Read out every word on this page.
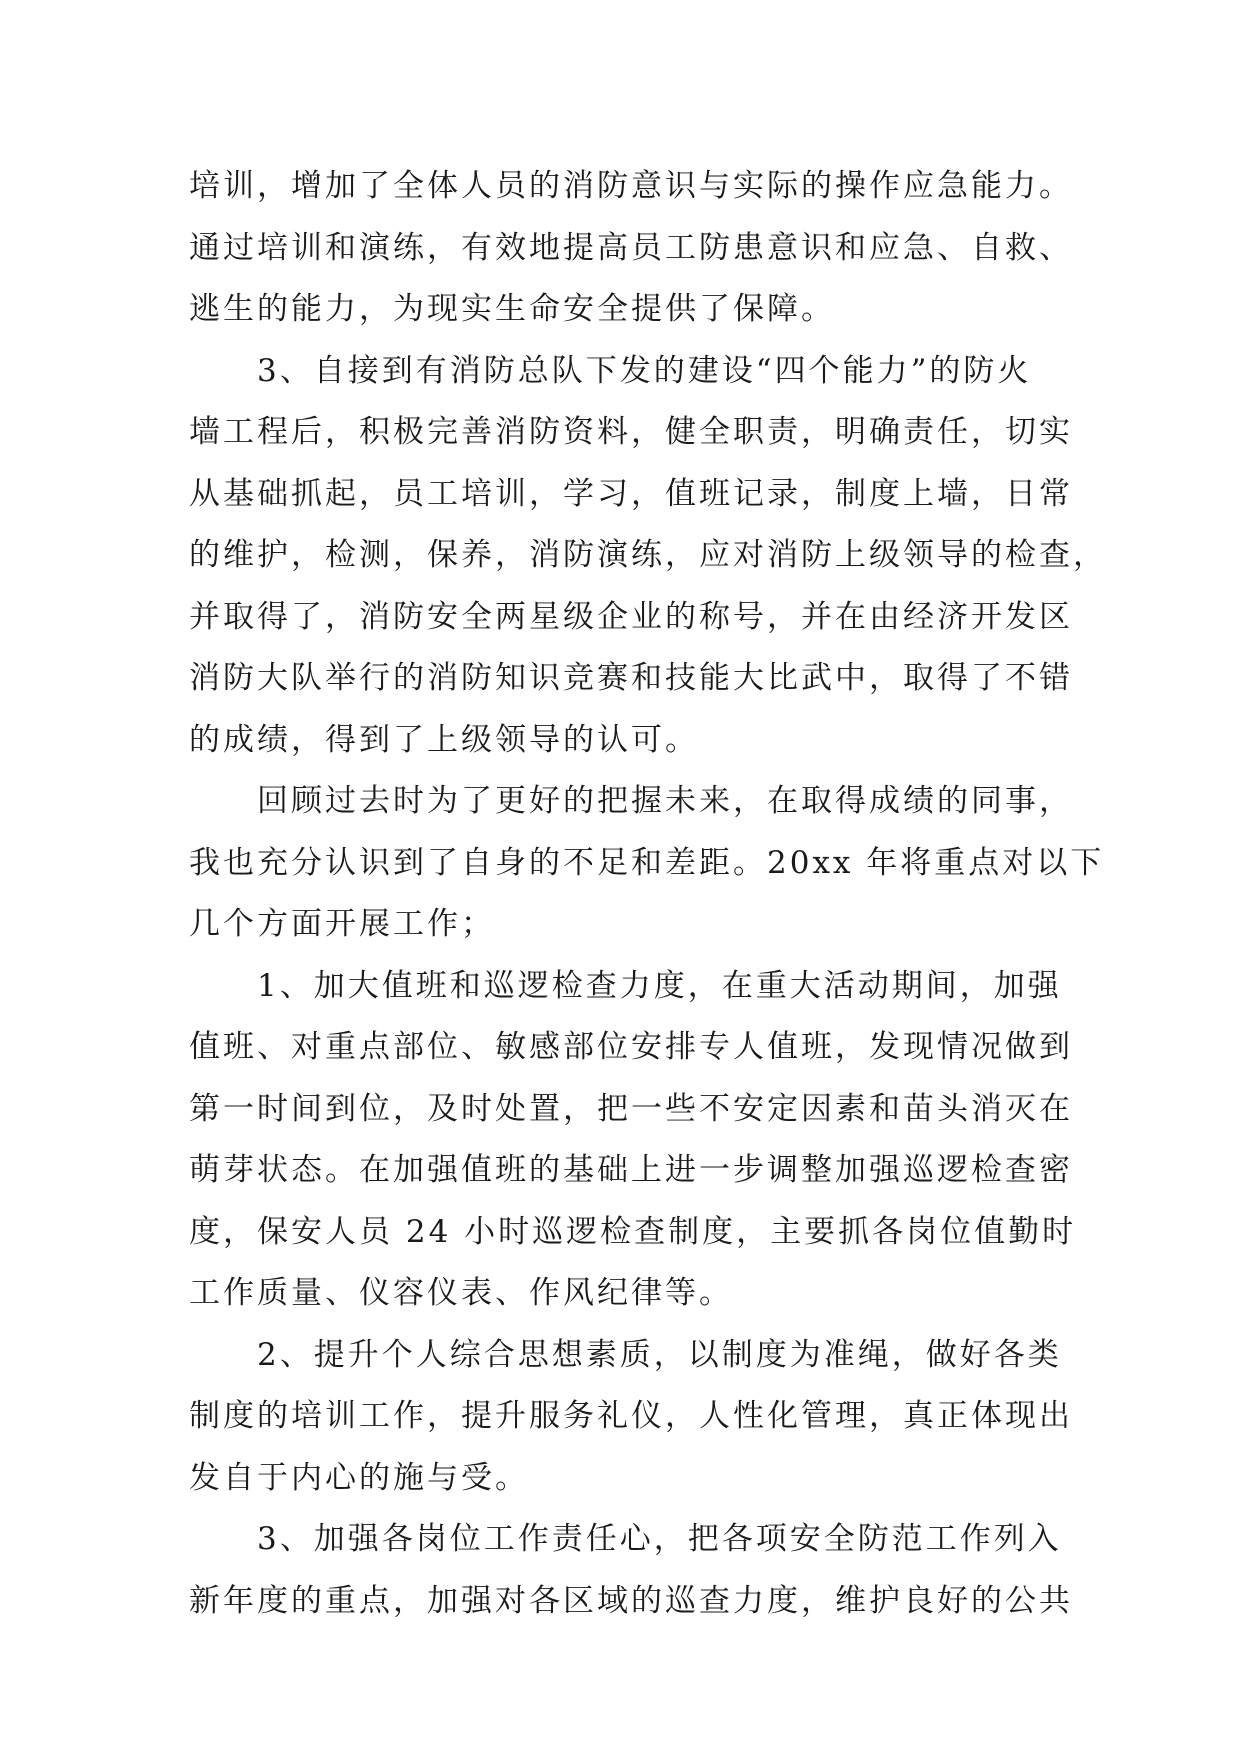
培训，增加了全体人员的消防意识与实际的操作应急能力。
通过培训和演练，有效地提高员工防患意识和应急、自救、
逃生的能力，为现实生命安全提供了保障。
3、自接到有消防总队下发的建设“四个能力”的防火
墙工程后，积极完善消防资料，健全职责，明确责任，切实
从基础抓起，员工培训，学习，值班记录，制度上墙，日常
的维护，检测，保养，消防演练，应对消防上级领导的检查，
并取得了，消防安全两星级企业的称号，并在由经济开发区
消防大队举行的消防知识竞赛和技能大比武中，取得了不错
的成绩，得到了上级领导的认可。
回顾过去时为了更好的把握未来，在取得成绩的同事，
我也充分认识到了自身的不足和差距。20xx 年将重点对以下
几个方面开展工作；
1、加大值班和巡逻检查力度，在重大活动期间，加强
值班、对重点部位、敏感部位安排专人值班，发现情况做到
第一时间到位，及时处置，把一些不安定因素和苗头消灭在
萌芽状态。在加强值班的基础上进一步调整加强巡逻检查密
度，保安人员 24 小时巡逻检查制度，主要抓各岗位值勤时
工作质量、仪容仪表、作风纪律等。
2、提升个人综合思想素质，以制度为准绳，做好各类
制度的培训工作，提升服务礼仪，人性化管理，真正体现出
发自于内心的施与受。
3、加强各岗位工作责任心，把各项安全防范工作列入
新年度的重点，加强对各区域的巡查力度，维护良好的公共
